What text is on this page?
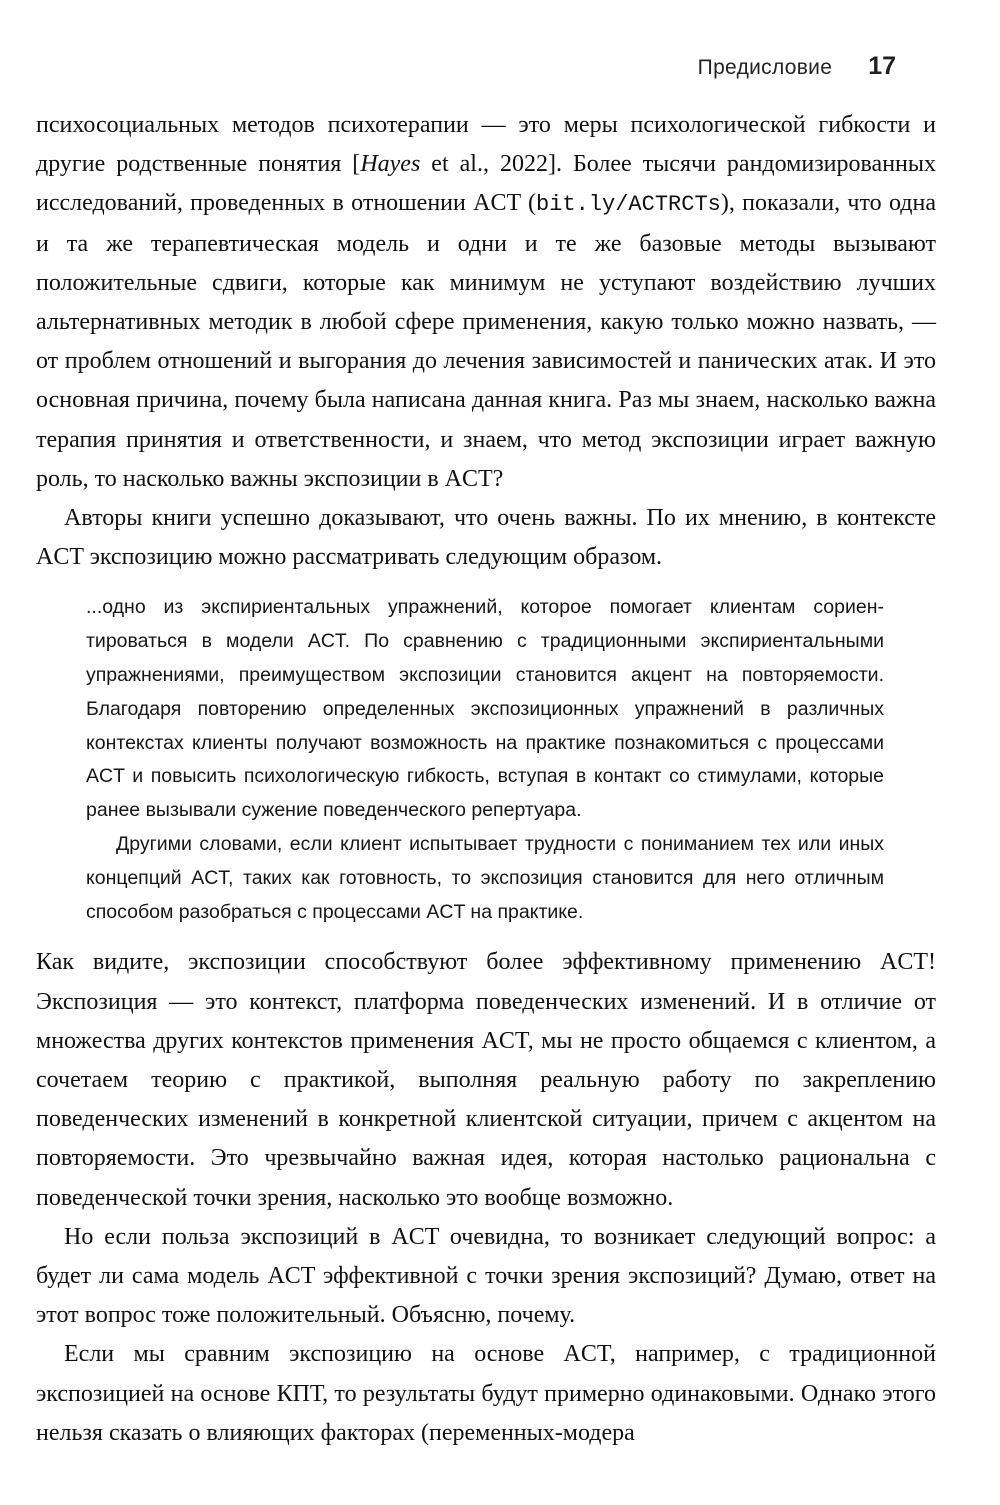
Предисловие 17

психосоциальных методов психотерапии — это меры психологической гибкости и другие родственные понятия [Hayes et al., 2022]. Более тысячи рандомизированных исследований, проведенных в отношении ACT (bit.ly/ACTRCTs), показали, что одна и та же терапевтическая модель и одни и те же базовые методы вызывают положительные сдвиги, которые как минимум не уступают воздействию лучших альтернативных методик в любой сфере применения, какую только можно назвать, — от проблем отношений и выгорания до лечения зависимостей и панических атак. И это основная причина, почему была написана данная книга. Раз мы знаем, насколько важна терапия принятия и ответственности, и знаем, что метод экспозиции играет важную роль, то насколько важны экспозиции в ACT?

Авторы книги успешно доказывают, что очень важны. По их мнению, в контексте ACT экспозицию можно рассматривать следующим образом.

...одно из экспириентальных упражнений, которое помогает клиентам сориентироваться в модели ACT. По сравнению с традиционными экспириентальными упражнениями, преимуществом экспозиции становится акцент на повторяемости. Благодаря повторению определенных экспозиционных упражнений в различных контекстах клиенты получают возможность на практике познакомиться с процессами ACT и повысить психологическую гибкость, вступая в контакт со стимулами, которые ранее вызывали сужение поведенческого репертуара.

Другими словами, если клиент испытывает трудности с пониманием тех или иных концепций ACT, таких как готовность, то экспозиция становится для него отличным способом разобраться с процессами ACT на практике.

Как видите, экспозиции способствуют более эффективному применению ACT! Экспозиция — это контекст, платформа поведенческих изменений. И в отличие от множества других контекстов применения ACT, мы не просто общаемся с клиентом, а сочетаем теорию с практикой, выполняя реальную работу по закреплению поведенческих изменений в конкретной клиентской ситуации, причем с акцентом на повторяемости. Это чрезвычайно важная идея, которая настолько рациональна с поведенческой точки зрения, насколько это вообще возможно.

Но если польза экспозиций в ACT очевидна, то возникает следующий вопрос: а будет ли сама модель ACT эффективной с точки зрения экспозиций? Думаю, ответ на этот вопрос тоже положительный. Объясню, почему.

Если мы сравним экспозицию на основе ACT, например, с традиционной экспозицией на основе КПТ, то результаты будут примерно одинаковыми. Однако этого нельзя сказать о влияющих факторах (переменных-модера
